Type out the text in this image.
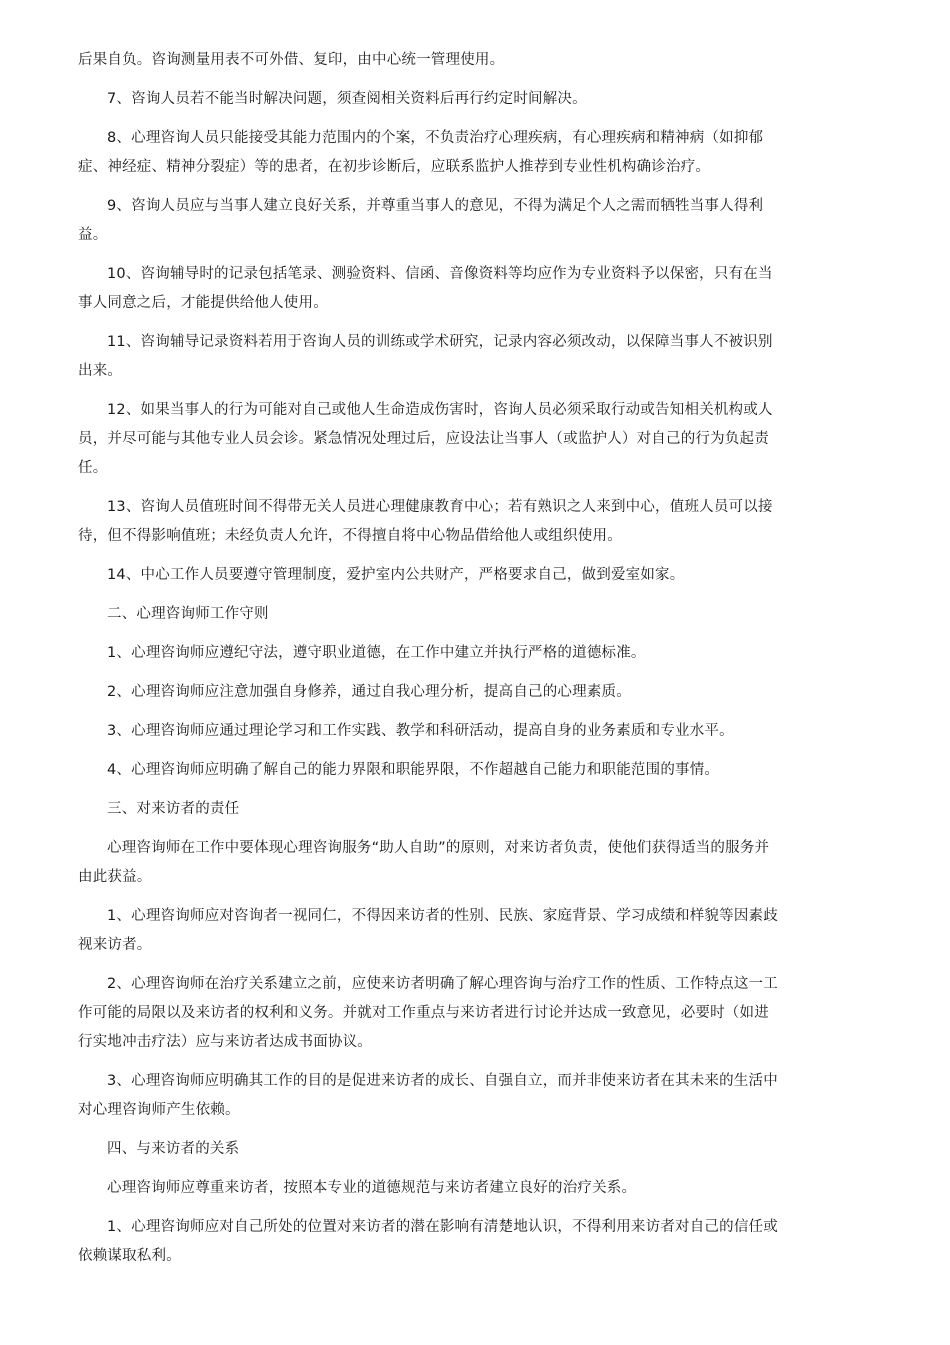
后果自负。咨询测量用表不可外借、复印，由中心统一管理使用。

7、咨询人员若不能当时解决问题，须查阅相关资料后再行约定时间解决。

8、心理咨询人员只能接受其能力范围内的个案，不负责治疗心理疾病，有心理疾病和精神病（如抑郁症、神经症、精神分裂症）等的患者，在初步诊断后，应联系监护人推荐到专业性机构确诊治疗。

9、咨询人员应与当事人建立良好关系，并尊重当事人的意见，不得为满足个人之需而牺牲当事人得利益。

10、咨询辅导时的记录包括笔录、测验资料、信函、音像资料等均应作为专业资料予以保密，只有在当事人同意之后，才能提供给他人使用。

11、咨询辅导记录资料若用于咨询人员的训练或学术研究，记录内容必须改动，以保障当事人不被识别出来。

12、如果当事人的行为可能对自己或他人生命造成伤害时，咨询人员必须采取行动或告知相关机构或人员，并尽可能与其他专业人员会诊。紧急情况处理过后，应设法让当事人（或监护人）对自己的行为负起责任。

13、咨询人员值班时间不得带无关人员进心理健康教育中心；若有熟识之人来到中心，值班人员可以接待，但不得影响值班；未经负责人允许，不得擅自将中心物品借给他人或组织使用。

14、中心工作人员要遵守管理制度，爱护室内公共财产，严格要求自己，做到爱室如家。

二、心理咨询师工作守则

1、心理咨询师应遵纪守法，遵守职业道德，在工作中建立并执行严格的道德标准。

2、心理咨询师应注意加强自身修养，通过自我心理分析，提高自己的心理素质。

3、心理咨询师应通过理论学习和工作实践、教学和科研活动，提高自身的业务素质和专业水平。

4、心理咨询师应明确了解自己的能力界限和职能界限，不作超越自己能力和职能范围的事情。

三、对来访者的责任

心理咨询师在工作中要体现心理咨询服务“助人自助”的原则，对来访者负责，使他们获得适当的服务并由此获益。

1、心理咨询师应对咨询者一视同仁，不得因来访者的性别、民族、家庭背景、学习成绩和样貌等因素歧视来访者。

2、心理咨询师在治疗关系建立之前，应使来访者明确了解心理咨询与治疗工作的性质、工作特点这一工作可能的局限以及来访者的权利和义务。并就对工作重点与来访者进行讨论并达成一致意见，必要时（如进行实地冲击疗法）应与来访者达成书面协议。

3、心理咨询师应明确其工作的目的是促进来访者的成长、自强自立，而并非使来访者在其未来的生活中对心理咨询师产生依赖。

四、与来访者的关系

心理咨询师应尊重来访者，按照本专业的道德规范与来访者建立良好的治疗关系。

1、心理咨询师应对自己所处的位置对来访者的潜在影响有清楚地认识，不得利用来访者对自己的信任或依赖谋取私利。
